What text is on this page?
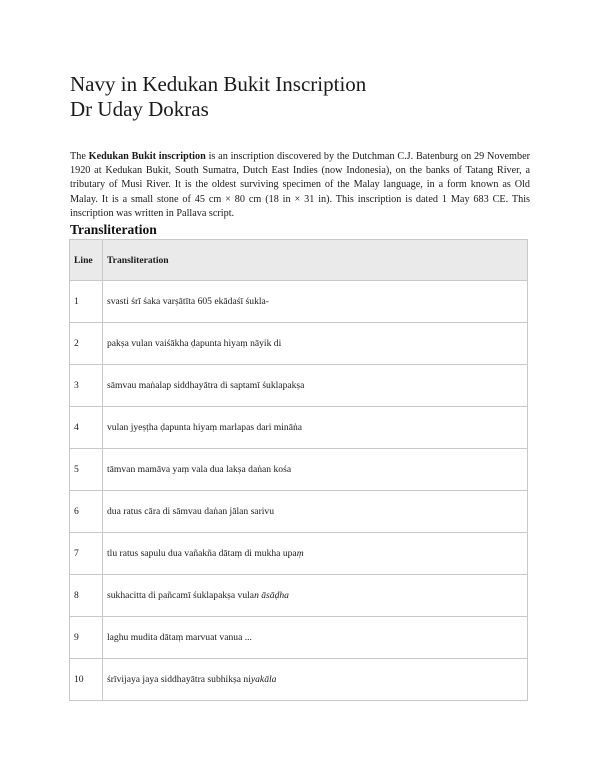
Navy in Kedukan Bukit Inscription
Dr Uday Dokras

The Kedukan Bukit inscription is an inscription discovered by the Dutchman C.J. Batenburg on 29 November 1920 at Kedukan Bukit, South Sumatra, Dutch East Indies (now Indonesia), on the banks of Tatang River, a tributary of Musi River. It is the oldest surviving specimen of the Malay language, in a form known as Old Malay. It is a small stone of 45 cm × 80 cm (18 in × 31 in). This inscription is dated 1 May 683 CE. This inscription was written in Pallava script.

Transliteration
Line	Transliteration
1	svasti śrī śaka varṣātīta 605 ekādaśī śukla-
2	pakṣa vulan vaiśākha ḍapunta hiyaṃ nāyik di
3	sāmvau maṅalap siddhayātra di saptamī śuklapakṣa
4	vulan jyeṣṭha ḍapunta hiyaṃ marlapas dari mināṅa
5	tāmvan mamāva yaṃ vala dua lakṣa daṅan kośa
6	dua ratus cāra di sāmvau daṅan jālan sarivu
7	tlu ratus sapulu dua vañakña dātaṃ di mukha upaṃ
8	sukhacitta di pañcamī śuklapakṣa vulan āsāḍha
9	laghu mudita dātaṃ marvuat vanua ...
10	śrīvijaya jaya siddhayātra subhikṣa niyakāla
